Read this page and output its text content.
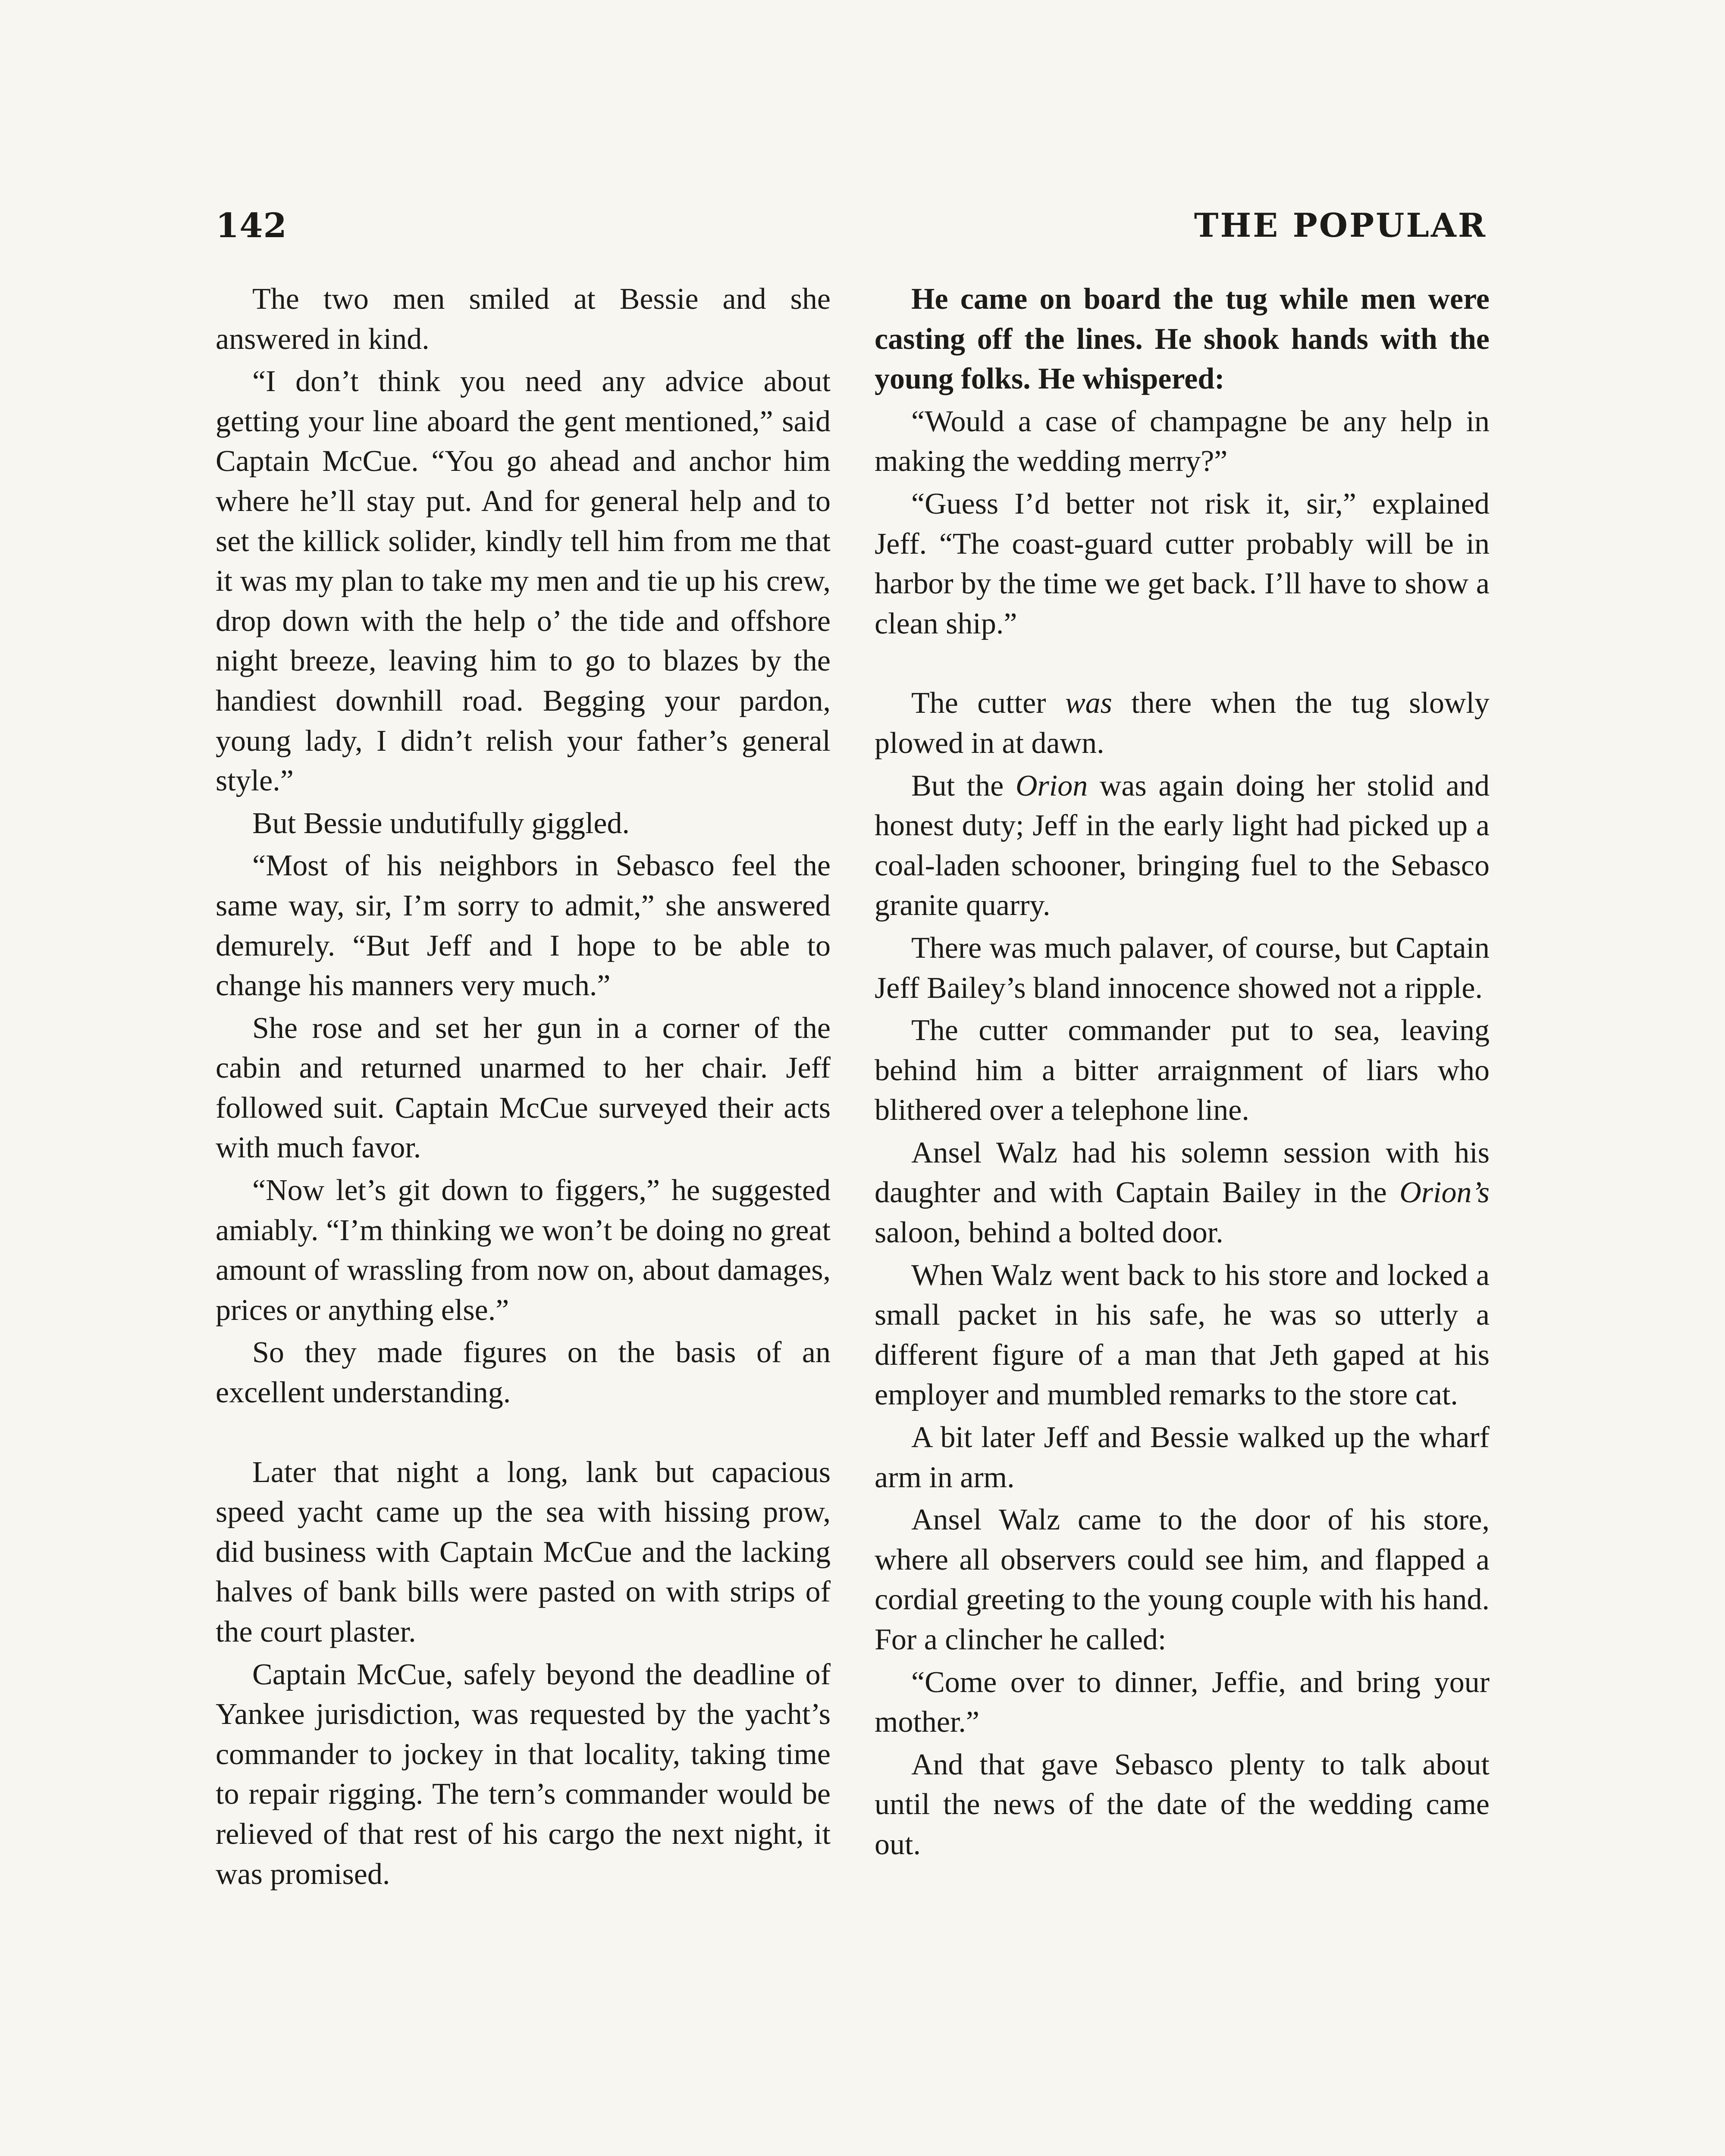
142	THE POPULAR

The two men smiled at Bessie and she answered in kind.

“I don’t think you need any advice about getting your line aboard the gent mentioned,” said Captain McCue. “You go ahead and anchor him where he’ll stay put. And for general help and to set the killick solider, kindly tell him from me that it was my plan to take my men and tie up his crew, drop down with the help o’ the tide and offshore night breeze, leaving him to go to blazes by the handiest downhill road. Begging your pardon, young lady, I didn’t relish your father’s general style.”

But Bessie undutifully giggled.

“Most of his neighbors in Sebasco feel the same way, sir, I’m sorry to admit,” she answered demurely. “But Jeff and I hope to be able to change his manners very much.”

She rose and set her gun in a corner of the cabin and returned unarmed to her chair. Jeff followed suit. Captain McCue surveyed their acts with much favor.

“Now let’s git down to figgers,” he suggested amiably. “I’m thinking we won’t be doing no great amount of wrassling from now on, about damages, prices or anything else.”

So they made figures on the basis of an excellent understanding.

Later that night a long, lank but capacious speed yacht came up the sea with hissing prow, did business with Captain McCue and the lacking halves of bank bills were pasted on with strips of the court plaster.

Captain McCue, safely beyond the deadline of Yankee jurisdiction, was requested by the yacht’s commander to jockey in that locality, taking time to repair rigging. The tern’s commander would be relieved of that rest of his cargo the next night, it was promised.

He came on board the tug while men were casting off the lines. He shook hands with the young folks. He whispered:

“Would a case of champagne be any help in making the wedding merry?”

“Guess I’d better not risk it, sir,” explained Jeff. “The coast-guard cutter probably will be in harbor by the time we get back. I’ll have to show a clean ship.”

The cutter was there when the tug slowly plowed in at dawn.

But the Orion was again doing her stolid and honest duty; Jeff in the early light had picked up a coal-laden schooner, bringing fuel to the Sebasco granite quarry.

There was much palaver, of course, but Captain Jeff Bailey’s bland innocence showed not a ripple.

The cutter commander put to sea, leaving behind him a bitter arraignment of liars who blithered over a telephone line.

Ansel Walz had his solemn session with his daughter and with Captain Bailey in the Orion’s saloon, behind a bolted door.

When Walz went back to his store and locked a small packet in his safe, he was so utterly a different figure of a man that Jeth gaped at his employer and mumbled remarks to the store cat.

A bit later Jeff and Bessie walked up the wharf arm in arm.

Ansel Walz came to the door of his store, where all observers could see him, and flapped a cordial greeting to the young couple with his hand. For a clincher he called:

“Come over to dinner, Jeffie, and bring your mother.”

And that gave Sebasco plenty to talk about until the news of the date of the wedding came out.
